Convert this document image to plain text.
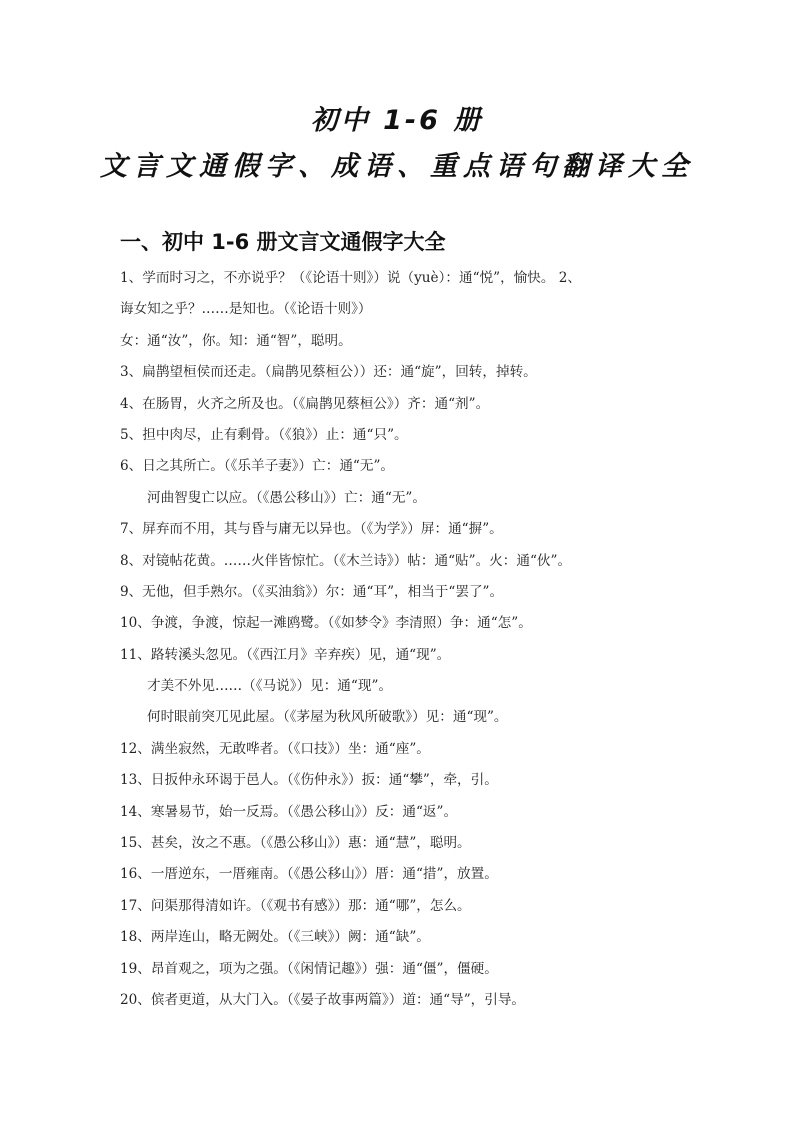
初中 1-6 册
文言文通假字、成语、重点语句翻译大全
一、初中 1-6 册文言文通假字大全
1、学而时习之，不亦说乎？（《论语十则》）说（yuè）：通“悦”，愉快。 2、
诲女知之乎？……是知也。（《论语十则》）
女：通“汝”，你。知：通“智”，聪明。
3、扁鹊望桓侯而还走。（扁鹊见蔡桓公））还：通“旋”，回转，掉转。
4、在肠胃，火齐之所及也。（《扁鹊见蔡桓公》）齐：通“剂”。
5、担中肉尽，止有剩骨。（《狼》）止：通“只”。
6、日之其所亡。（《乐羊子妻》）亡：通“无”。
河曲智叟亡以应。（《愚公移山》）亡：通“无”。
7、屏弃而不用，其与昏与庸无以异也。（《为学》）屏：通“摒”。
8、对镜帖花黄。……火伴皆惊忙。（《木兰诗》）帖：通“贴”。火：通“伙”。
9、无他，但手熟尔。（《买油翁》）尔：通“耳”，相当于“罢了”。
10、争渡，争渡，惊起一滩鸥鹭。（《如梦令》李清照）争：通“怎”。
11、路转溪头忽见。（《西江月》辛弃疾）见，通“现”。
才美不外见……（《马说》）见：通“现”。
何时眼前突兀见此屋。（《茅屋为秋风所破歌》）见：通“现”。
12、满坐寂然，无敢哗者。（《口技》）坐：通“座”。
13、日扳仲永环谒于邑人。（《伤仲永》）扳：通“攀”，牵，引。
14、寒暑易节，始一反焉。（《愚公移山》）反：通“返”。
15、甚矣，汝之不惠。（《愚公移山》）惠：通“慧”，聪明。
16、一厝逆东，一厝雍南。（《愚公移山》）厝：通“措”，放置。
17、问渠那得清如许。（《观书有感》）那：通“哪”，怎么。
18、两岸连山，略无阙处。（《三峡》）阙：通“缺”。
19、昂首观之，项为之强。（《闲情记趣》）强：通“僵”，僵硬。
20、傧者更道，从大门入。（《晏子故事两篇》）道：通“导”，引导。
